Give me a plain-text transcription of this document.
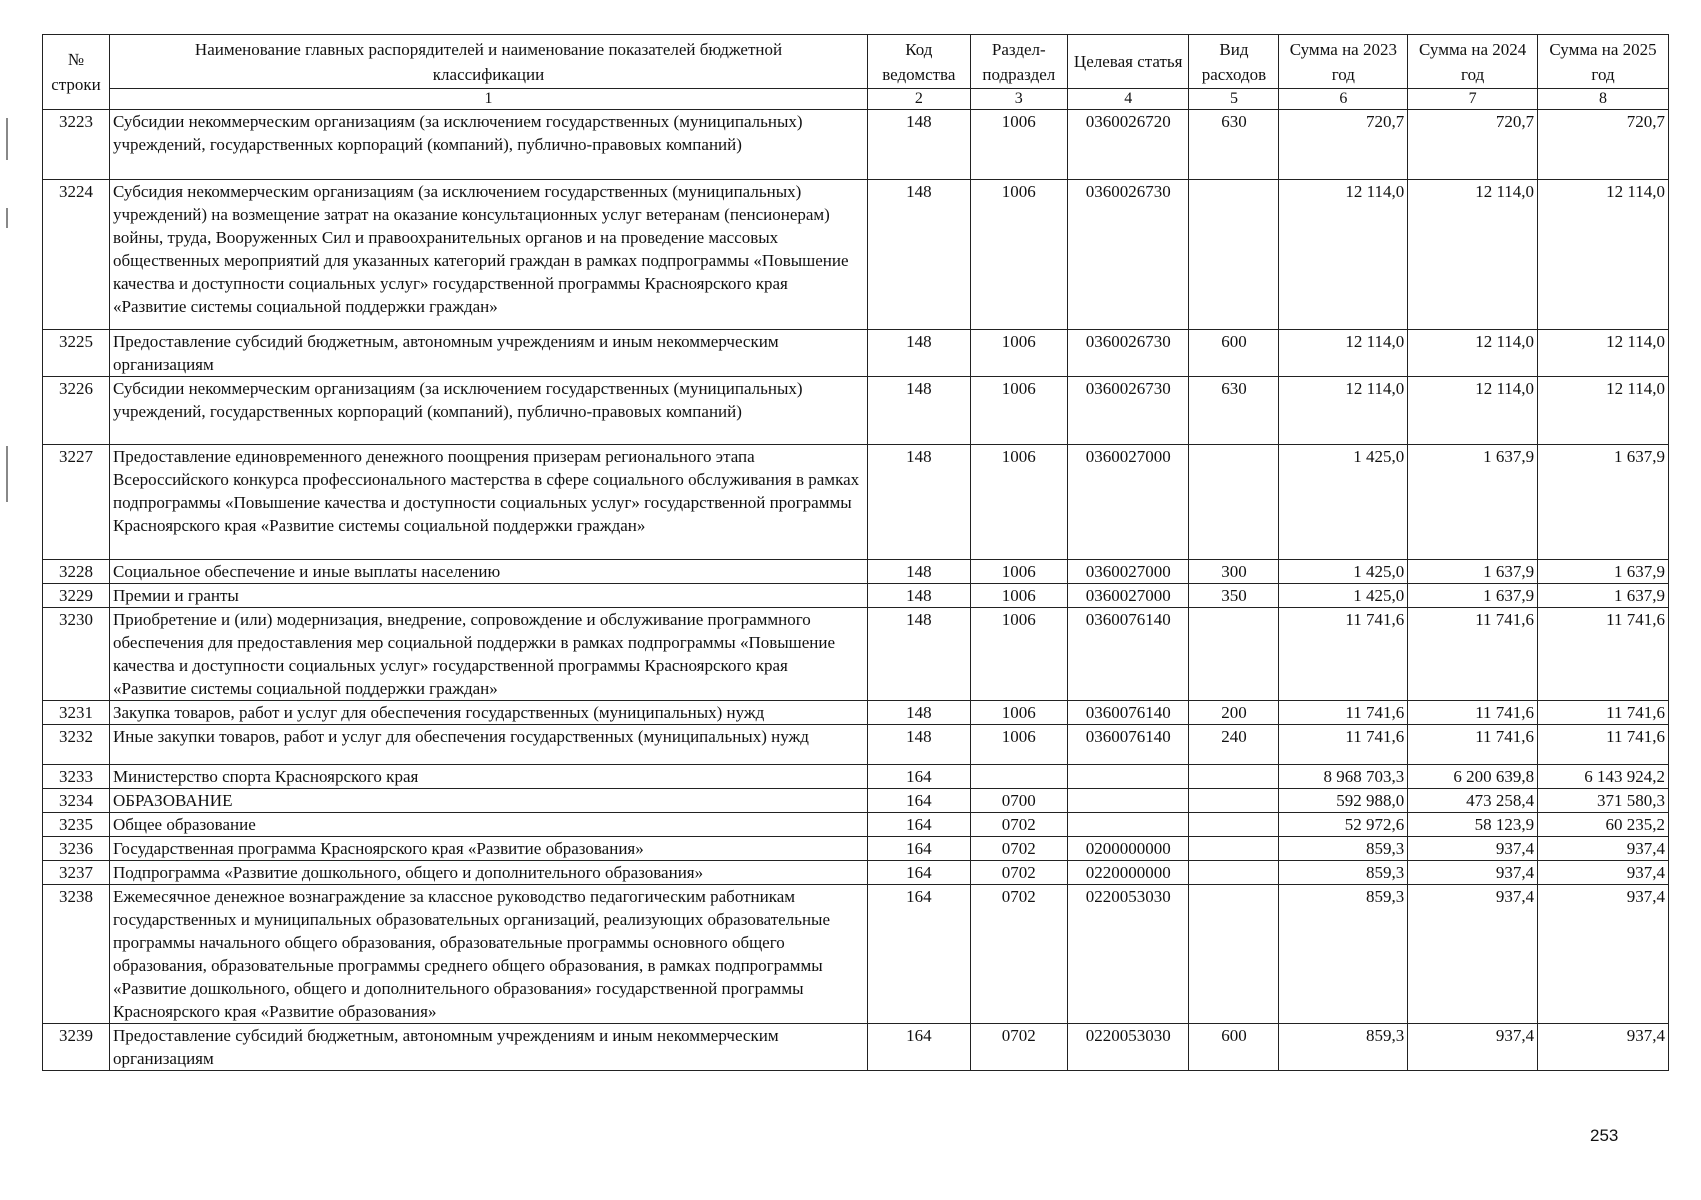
№ строки	Наименование главных распорядителей и наименование показателей бюджетной классификации	Код ведомства	Раздел-подраздел	Целевая статья	Вид расходов	Сумма на 2023 год	Сумма на 2024 год	Сумма на 2025 год
	1	2	3	4	5	6	7	8
3223	Субсидии некоммерческим организациям (за исключением государственных (муниципальных) учреждений, государственных корпораций (компаний), публично-правовых компаний)	148	1006	0360026720	630	720,7	720,7	720,7
3224	Субсидия некоммерческим организациям (за исключением государственных (муниципальных) учреждений) на возмещение затрат на оказание консультационных услуг ветеранам (пенсионерам) войны, труда, Вооруженных Сил и правоохранительных органов и на проведение массовых общественных мероприятий для указанных категорий граждан в рамках подпрограммы «Повышение качества и доступности социальных услуг» государственной программы Красноярского края «Развитие системы социальной поддержки граждан»	148	1006	0360026730		12 114,0	12 114,0	12 114,0
3225	Предоставление субсидий бюджетным, автономным учреждениям и иным некоммерческим организациям	148	1006	0360026730	600	12 114,0	12 114,0	12 114,0
3226	Субсидии некоммерческим организациям (за исключением государственных (муниципальных) учреждений, государственных корпораций (компаний), публично-правовых компаний)	148	1006	0360026730	630	12 114,0	12 114,0	12 114,0
3227	Предоставление единовременного денежного поощрения призерам регионального этапа Всероссийского конкурса профессионального мастерства в сфере социального обслуживания в рамках подпрограммы «Повышение качества и доступности социальных услуг» государственной программы Красноярского края «Развитие системы социальной поддержки граждан»	148	1006	0360027000		1 425,0	1 637,9	1 637,9
3228	Социальное обеспечение и иные выплаты населению	148	1006	0360027000	300	1 425,0	1 637,9	1 637,9
3229	Премии и гранты	148	1006	0360027000	350	1 425,0	1 637,9	1 637,9
3230	Приобретение и (или) модернизация, внедрение, сопровождение и обслуживание программного обеспечения для предоставления мер социальной поддержки в рамках подпрограммы «Повышение качества и доступности социальных услуг» государственной программы Красноярского края «Развитие системы социальной поддержки граждан»	148	1006	0360076140		11 741,6	11 741,6	11 741,6
3231	Закупка товаров, работ и услуг для обеспечения государственных (муниципальных) нужд	148	1006	0360076140	200	11 741,6	11 741,6	11 741,6
3232	Иные закупки товаров, работ и услуг для обеспечения государственных (муниципальных) нужд	148	1006	0360076140	240	11 741,6	11 741,6	11 741,6
3233	Министерство спорта Красноярского края	164				8 968 703,3	6 200 639,8	6 143 924,2
3234	ОБРАЗОВАНИЕ	164	0700			592 988,0	473 258,4	371 580,3
3235	Общее образование	164	0702			52 972,6	58 123,9	60 235,2
3236	Государственная программа Красноярского края «Развитие образования»	164	0702	0200000000		859,3	937,4	937,4
3237	Подпрограмма «Развитие дошкольного, общего и дополнительного образования»	164	0702	0220000000		859,3	937,4	937,4
3238	Ежемесячное денежное вознаграждение за классное руководство педагогическим работникам государственных и муниципальных образовательных организаций, реализующих образовательные программы начального общего образования, образовательные программы основного общего образования, образовательные программы среднего общего образования, в рамках подпрограммы «Развитие дошкольного, общего и дополнительного образования» государственной программы Красноярского края «Развитие образования»	164	0702	0220053030		859,3	937,4	937,4
3239	Предоставление субсидий бюджетным, автономным учреждениям и иным некоммерческим организациям	164	0702	0220053030	600	859,3	937,4	937,4
253
